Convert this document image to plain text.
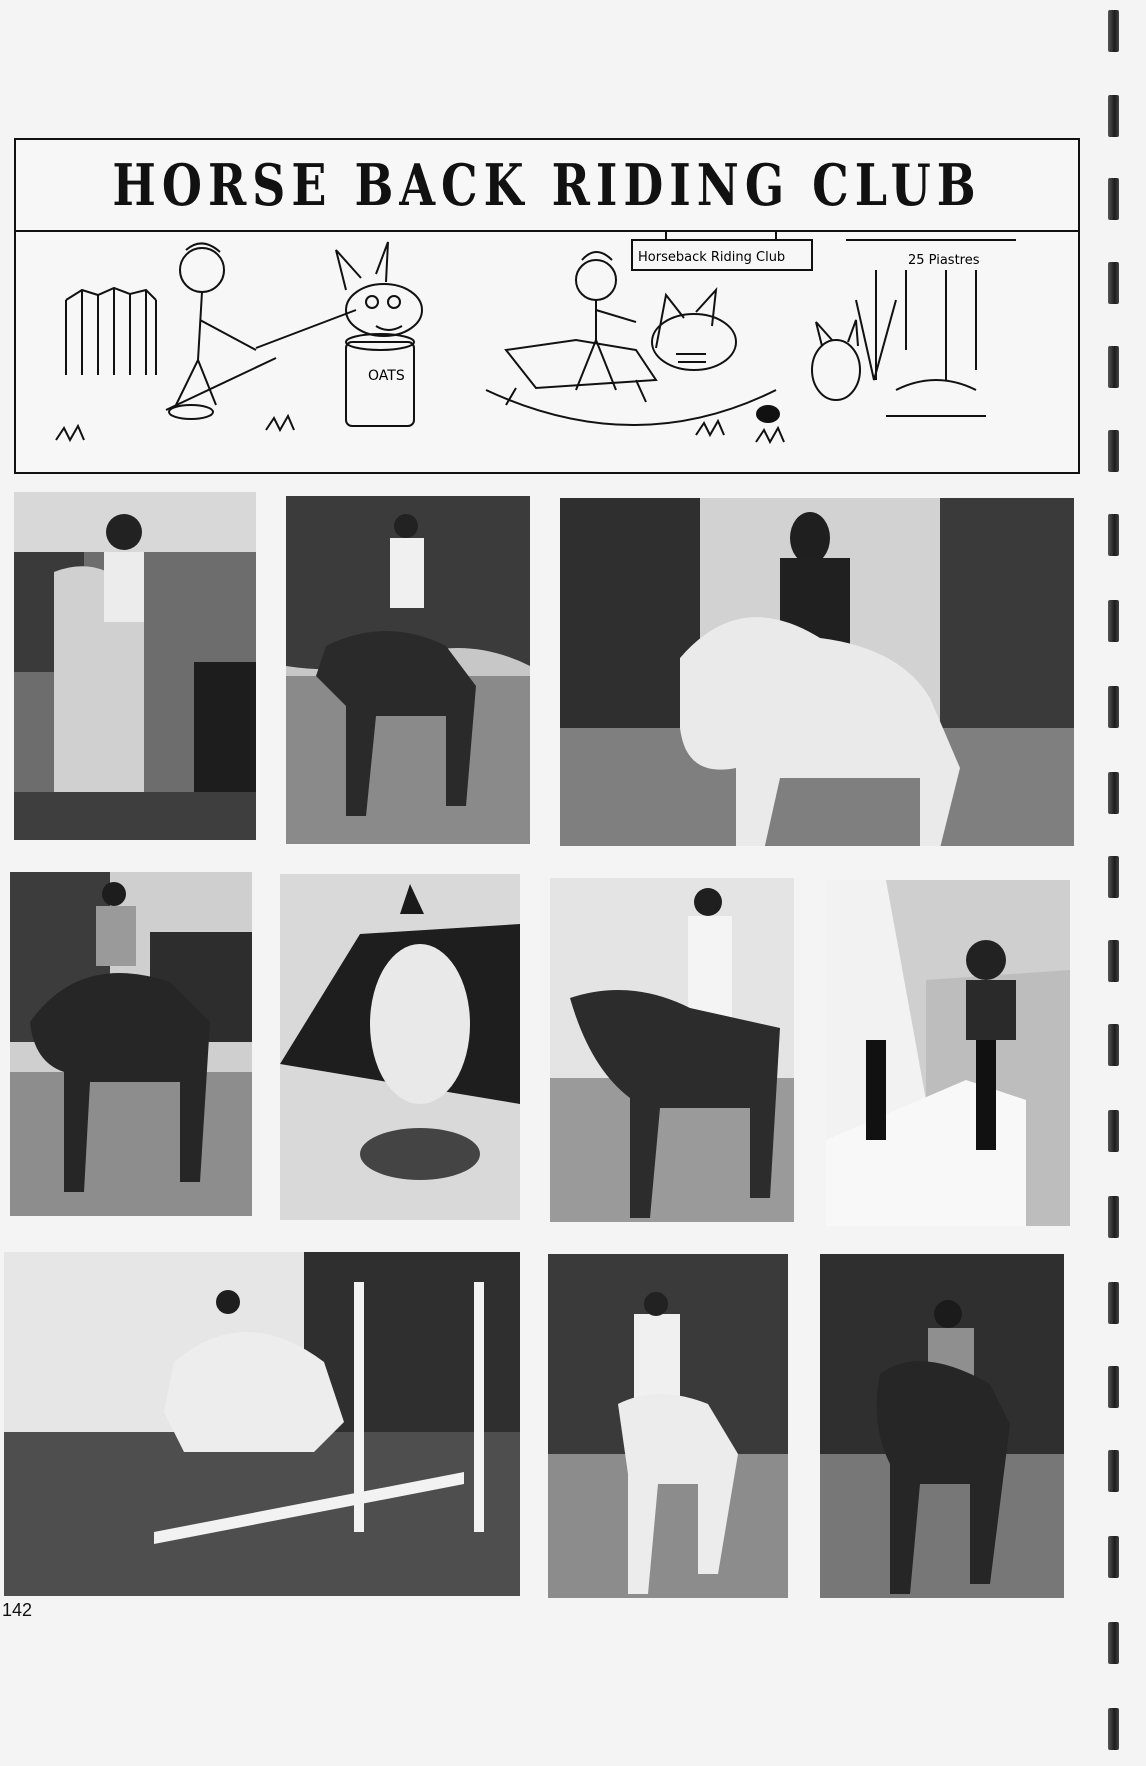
HORSE BACK RIDING CLUB
Horseback Riding Club	25 Piastres
OATS
142
